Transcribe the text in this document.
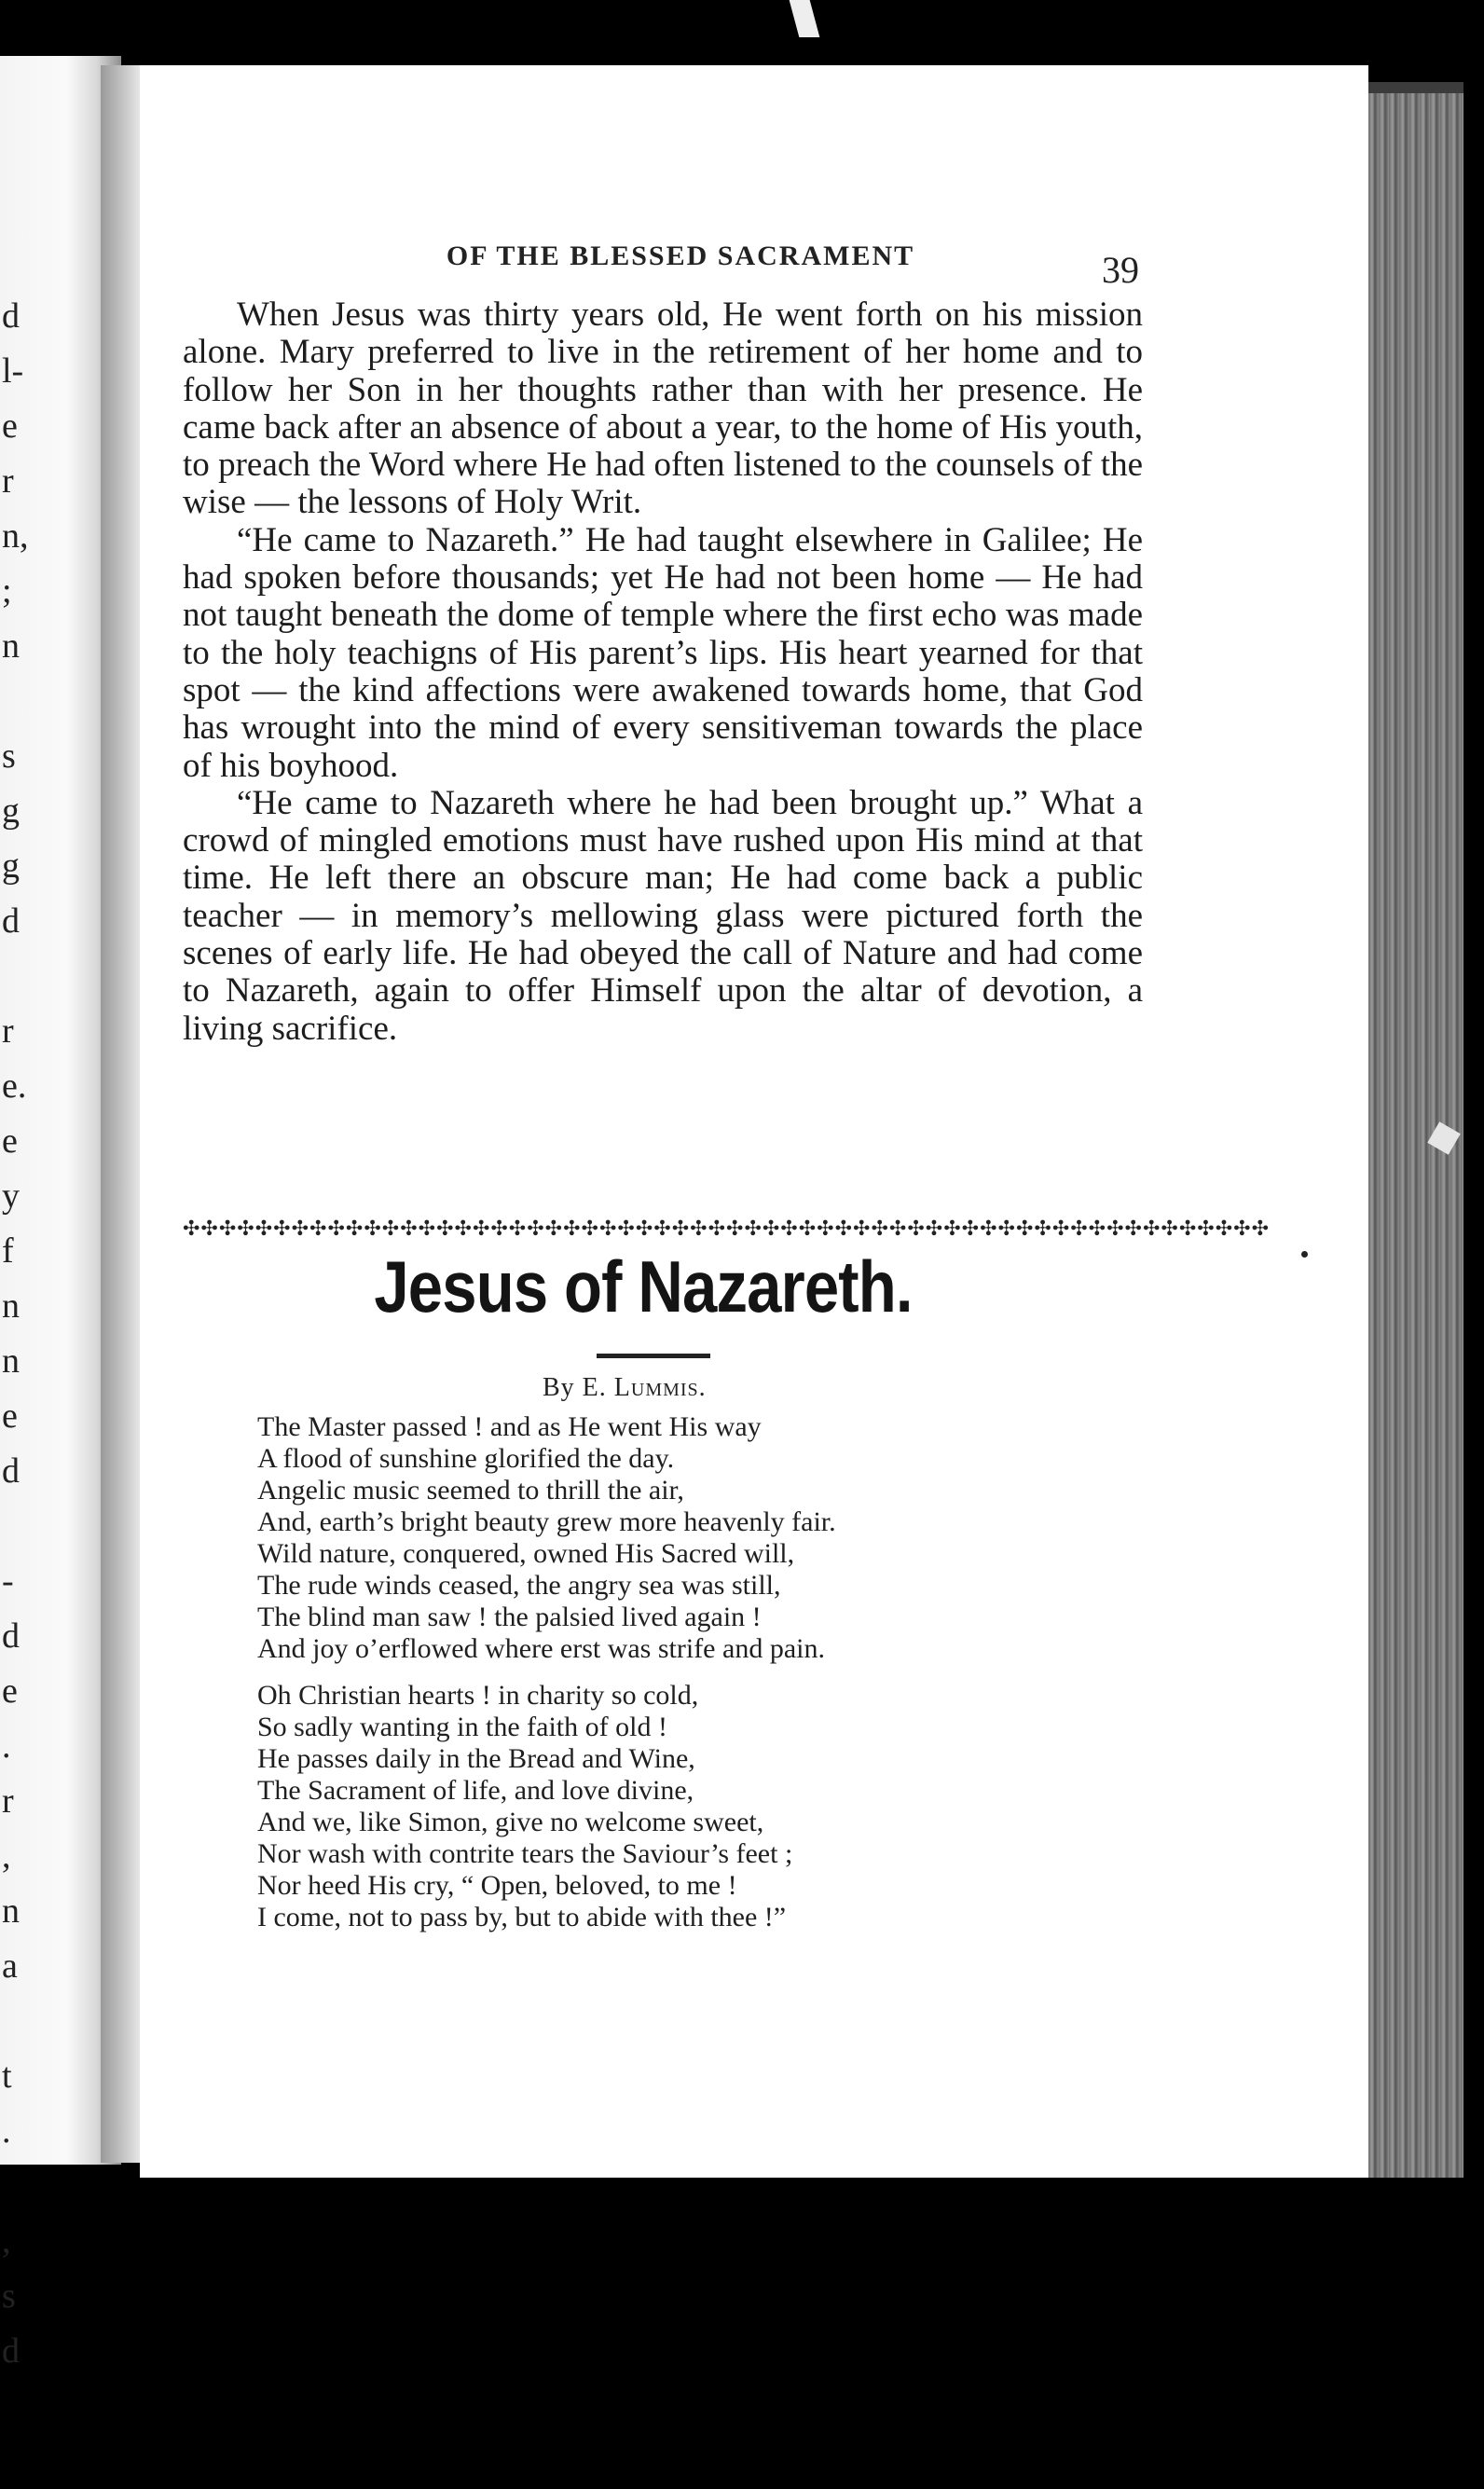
d
l-
e
r
n,
;
n
s
g
g
d
r
e.
e
y
f
n
n
e
d
-
d
e
.
r
,
n
a
t
.
,
s
d
OF THE BLESSED SACRAMENT	39

When Jesus was thirty years old, He went forth on his mission alone. Mary preferred to live in the retirement of her home and to follow her Son in her thoughts rather than with her presence. He came back after an absence of about a year, to the home of His youth, to preach the Word where He had often listened to the counsels of the wise — the lessons of Holy Writ.

“He came to Nazareth.” He had taught elsewhere in Galilee; He had spoken before thousands; yet He had not been home — He had not taught beneath the dome of temple where the first echo was made to the holy teachigns of His parent’s lips. His heart yearned for that spot — the kind affections were awakened towards home, that God has wrought into the mind of every sensitiveman towards the place of his boyhood.

“He came to Nazareth where he had been brought up.” What a crowd of mingled emotions must have rushed upon His mind at that time. He left there an obscure man; He had come back a public teacher — in memory’s mellowing glass were pictured forth the scenes of early life. He had obeyed the call of Nature and had come to Nazareth, again to offer Himself upon the altar of devotion, a living sacrifice.

✣✣✣✣✣✣✣✣✣✣✣✣✣✣✣✣✣✣✣✣✣✣✣✣✣✣✣✣✣✣✣✣✣✣✣✣✣✣✣✣✣✣✣✣✣✣✣✣✣✣✣✣✣✣✣✣✣✣✣✣
Jesus of Nazareth.
By E. Lummis.
The Master passed ! and as He went His way
A flood of sunshine glorified the day.
Angelic music seemed to thrill the air,
And, earth’s bright beauty grew more heavenly fair.
Wild nature, conquered, owned His Sacred will,
The rude winds ceased, the angry sea was still,
The blind man saw ! the palsied lived again !
And joy o’erflowed where erst was strife and pain.
Oh Christian hearts ! in charity so cold,
So sadly wanting in the faith of old !
He passes daily in the Bread and Wine,
The Sacrament of life, and love divine,
And we, like Simon, give no welcome sweet,
Nor wash with contrite tears the Saviour’s feet ;
Nor heed His cry, “ Open, beloved, to me !
I come, not to pass by, but to abide with thee !”
